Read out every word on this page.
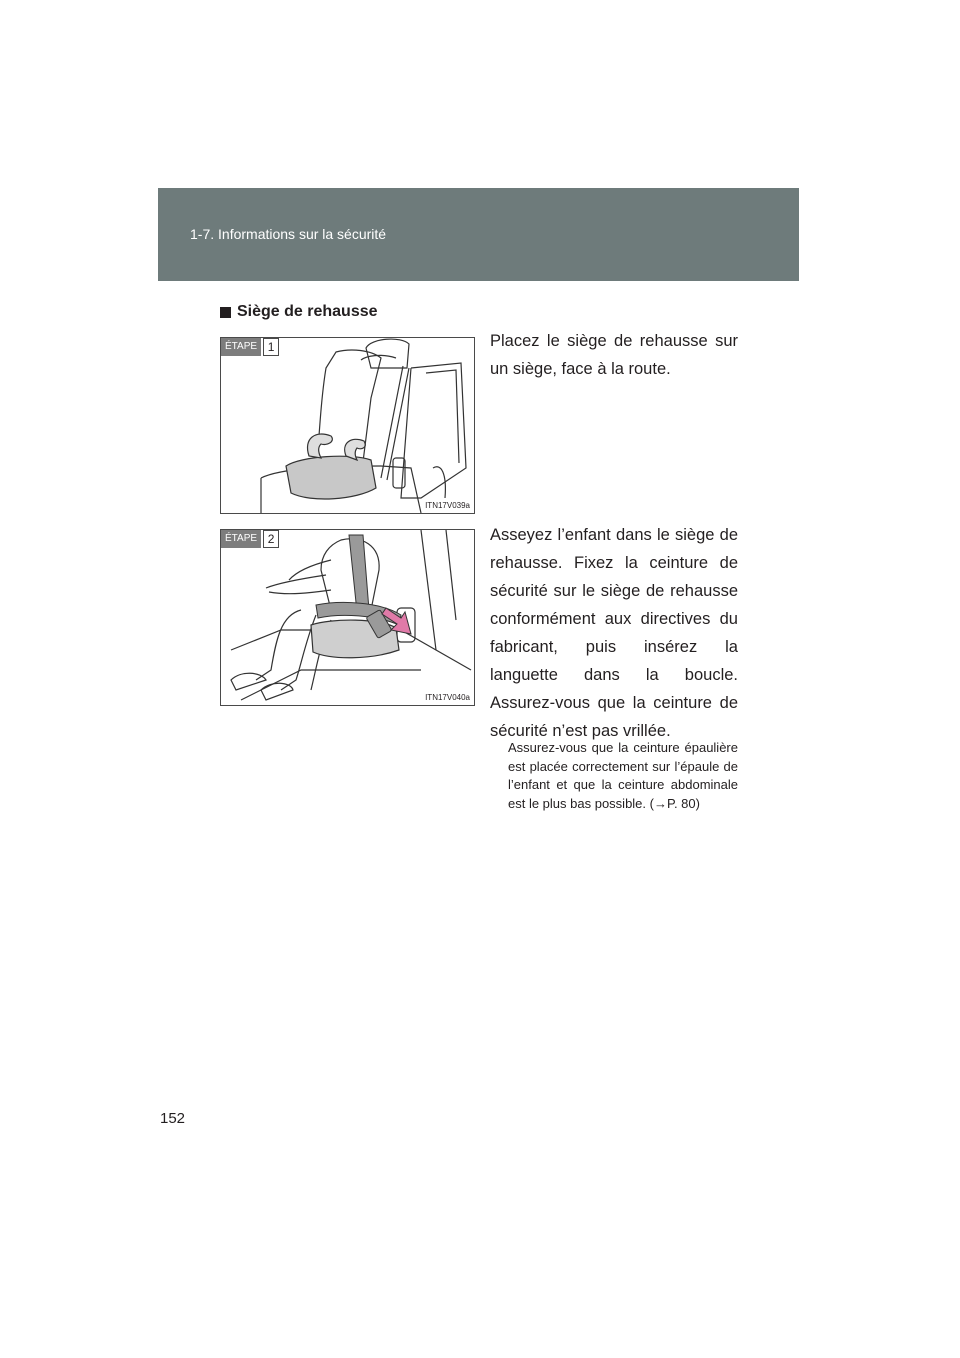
1-7. Informations sur la sécurité
Siège de rehausse
ÉTAPE 1
ITN17V039a
ÉTAPE 2
ITN17V040a

Placez le siège de rehausse sur un siège, face à la route.

Asseyez l’enfant dans le siège de rehausse. Fixez la ceinture de sécurité sur le siège de rehausse conformément aux directives du fabricant, puis insérez la languette dans la boucle. Assurez-vous que la ceinture de sécurité n’est pas vrillée.

Assurez-vous que la ceinture épaulière est placée correctement sur l’épaule de l’enfant et que la ceinture abdominale est le plus bas possible. (→P. 80)

152
